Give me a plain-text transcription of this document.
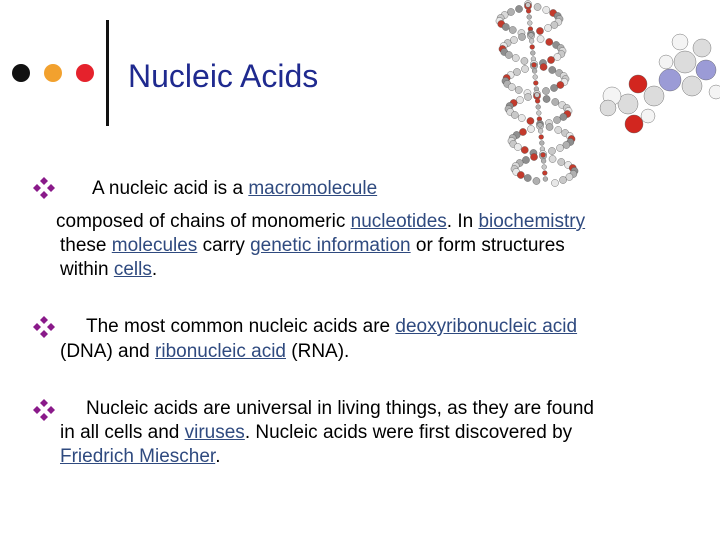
Nucleic Acids
A nucleic acid is a macromolecule
composed of chains of monomeric nucleotides. In biochemistry
these molecules carry genetic information or form structures
within cells.
The most common nucleic acids are deoxyribonucleic acid
(DNA) and ribonucleic acid (RNA).
Nucleic acids are universal in living things, as they are found
in all cells and viruses. Nucleic acids were first discovered by
Friedrich Miescher.
